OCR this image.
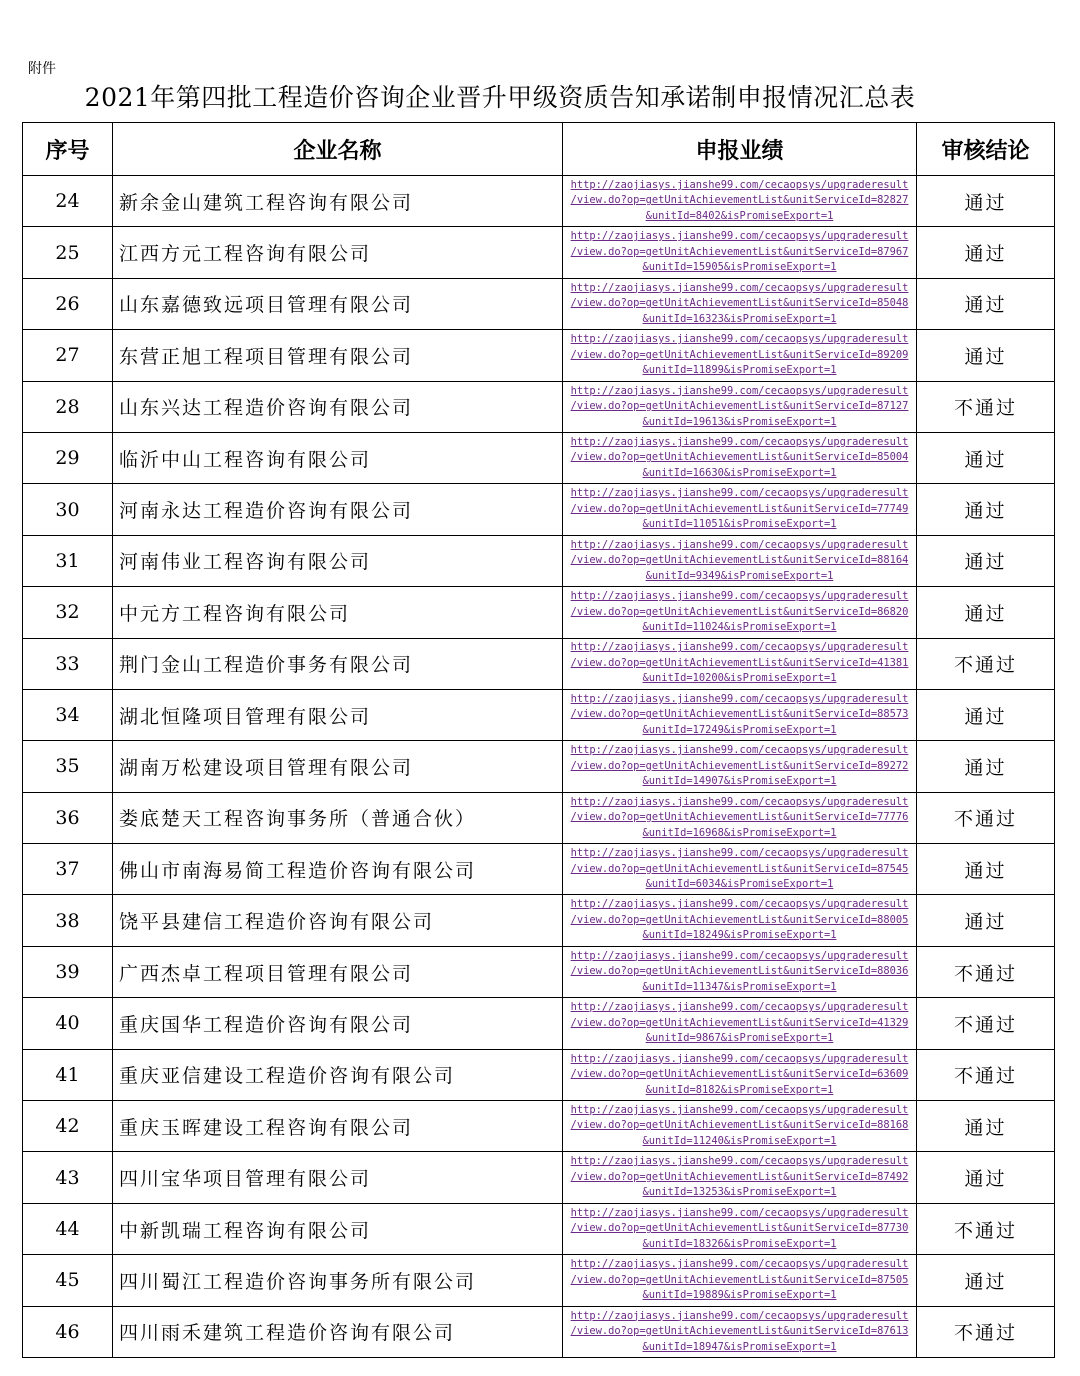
附件
2021年第四批工程造价咨询企业晋升甲级资质告知承诺制申报情况汇总表
序号	企业名称	申报业绩	审核结论
24	新余金山建筑工程咨询有限公司	http://zaojiasys.jianshe99.com/cecaopsys/upgraderesult
/view.do?op=getUnitAchievementList&unitServiceId=82827
&unitId=8402&isPromiseExport=1	通过
25	江西方元工程咨询有限公司	http://zaojiasys.jianshe99.com/cecaopsys/upgraderesult
/view.do?op=getUnitAchievementList&unitServiceId=87967
&unitId=15905&isPromiseExport=1	通过
26	山东嘉德致远项目管理有限公司	http://zaojiasys.jianshe99.com/cecaopsys/upgraderesult
/view.do?op=getUnitAchievementList&unitServiceId=85048
&unitId=16323&isPromiseExport=1	通过
27	东营正旭工程项目管理有限公司	http://zaojiasys.jianshe99.com/cecaopsys/upgraderesult
/view.do?op=getUnitAchievementList&unitServiceId=89209
&unitId=11899&isPromiseExport=1	通过
28	山东兴达工程造价咨询有限公司	http://zaojiasys.jianshe99.com/cecaopsys/upgraderesult
/view.do?op=getUnitAchievementList&unitServiceId=87127
&unitId=19613&isPromiseExport=1	不通过
29	临沂中山工程咨询有限公司	http://zaojiasys.jianshe99.com/cecaopsys/upgraderesult
/view.do?op=getUnitAchievementList&unitServiceId=85004
&unitId=16630&isPromiseExport=1	通过
30	河南永达工程造价咨询有限公司	http://zaojiasys.jianshe99.com/cecaopsys/upgraderesult
/view.do?op=getUnitAchievementList&unitServiceId=77749
&unitId=11051&isPromiseExport=1	通过
31	河南伟业工程咨询有限公司	http://zaojiasys.jianshe99.com/cecaopsys/upgraderesult
/view.do?op=getUnitAchievementList&unitServiceId=88164
&unitId=9349&isPromiseExport=1	通过
32	中元方工程咨询有限公司	http://zaojiasys.jianshe99.com/cecaopsys/upgraderesult
/view.do?op=getUnitAchievementList&unitServiceId=86820
&unitId=11024&isPromiseExport=1	通过
33	荆门金山工程造价事务有限公司	http://zaojiasys.jianshe99.com/cecaopsys/upgraderesult
/view.do?op=getUnitAchievementList&unitServiceId=41381
&unitId=10200&isPromiseExport=1	不通过
34	湖北恒隆项目管理有限公司	http://zaojiasys.jianshe99.com/cecaopsys/upgraderesult
/view.do?op=getUnitAchievementList&unitServiceId=88573
&unitId=17249&isPromiseExport=1	通过
35	湖南万松建设项目管理有限公司	http://zaojiasys.jianshe99.com/cecaopsys/upgraderesult
/view.do?op=getUnitAchievementList&unitServiceId=89272
&unitId=14907&isPromiseExport=1	通过
36	娄底楚天工程咨询事务所（普通合伙）	http://zaojiasys.jianshe99.com/cecaopsys/upgraderesult
/view.do?op=getUnitAchievementList&unitServiceId=77776
&unitId=16968&isPromiseExport=1	不通过
37	佛山市南海易简工程造价咨询有限公司	http://zaojiasys.jianshe99.com/cecaopsys/upgraderesult
/view.do?op=getUnitAchievementList&unitServiceId=87545
&unitId=6034&isPromiseExport=1	通过
38	饶平县建信工程造价咨询有限公司	http://zaojiasys.jianshe99.com/cecaopsys/upgraderesult
/view.do?op=getUnitAchievementList&unitServiceId=88005
&unitId=18249&isPromiseExport=1	通过
39	广西杰卓工程项目管理有限公司	http://zaojiasys.jianshe99.com/cecaopsys/upgraderesult
/view.do?op=getUnitAchievementList&unitServiceId=88036
&unitId=11347&isPromiseExport=1	不通过
40	重庆国华工程造价咨询有限公司	http://zaojiasys.jianshe99.com/cecaopsys/upgraderesult
/view.do?op=getUnitAchievementList&unitServiceId=41329
&unitId=9867&isPromiseExport=1	不通过
41	重庆亚信建设工程造价咨询有限公司	http://zaojiasys.jianshe99.com/cecaopsys/upgraderesult
/view.do?op=getUnitAchievementList&unitServiceId=63609
&unitId=8182&isPromiseExport=1	不通过
42	重庆玉晖建设工程咨询有限公司	http://zaojiasys.jianshe99.com/cecaopsys/upgraderesult
/view.do?op=getUnitAchievementList&unitServiceId=88168
&unitId=11240&isPromiseExport=1	通过
43	四川宝华项目管理有限公司	http://zaojiasys.jianshe99.com/cecaopsys/upgraderesult
/view.do?op=getUnitAchievementList&unitServiceId=87492
&unitId=13253&isPromiseExport=1	通过
44	中新凯瑞工程咨询有限公司	http://zaojiasys.jianshe99.com/cecaopsys/upgraderesult
/view.do?op=getUnitAchievementList&unitServiceId=87730
&unitId=18326&isPromiseExport=1	不通过
45	四川蜀江工程造价咨询事务所有限公司	http://zaojiasys.jianshe99.com/cecaopsys/upgraderesult
/view.do?op=getUnitAchievementList&unitServiceId=87505
&unitId=19889&isPromiseExport=1	通过
46	四川雨禾建筑工程造价咨询有限公司	http://zaojiasys.jianshe99.com/cecaopsys/upgraderesult
/view.do?op=getUnitAchievementList&unitServiceId=87613
&unitId=18947&isPromiseExport=1	不通过
